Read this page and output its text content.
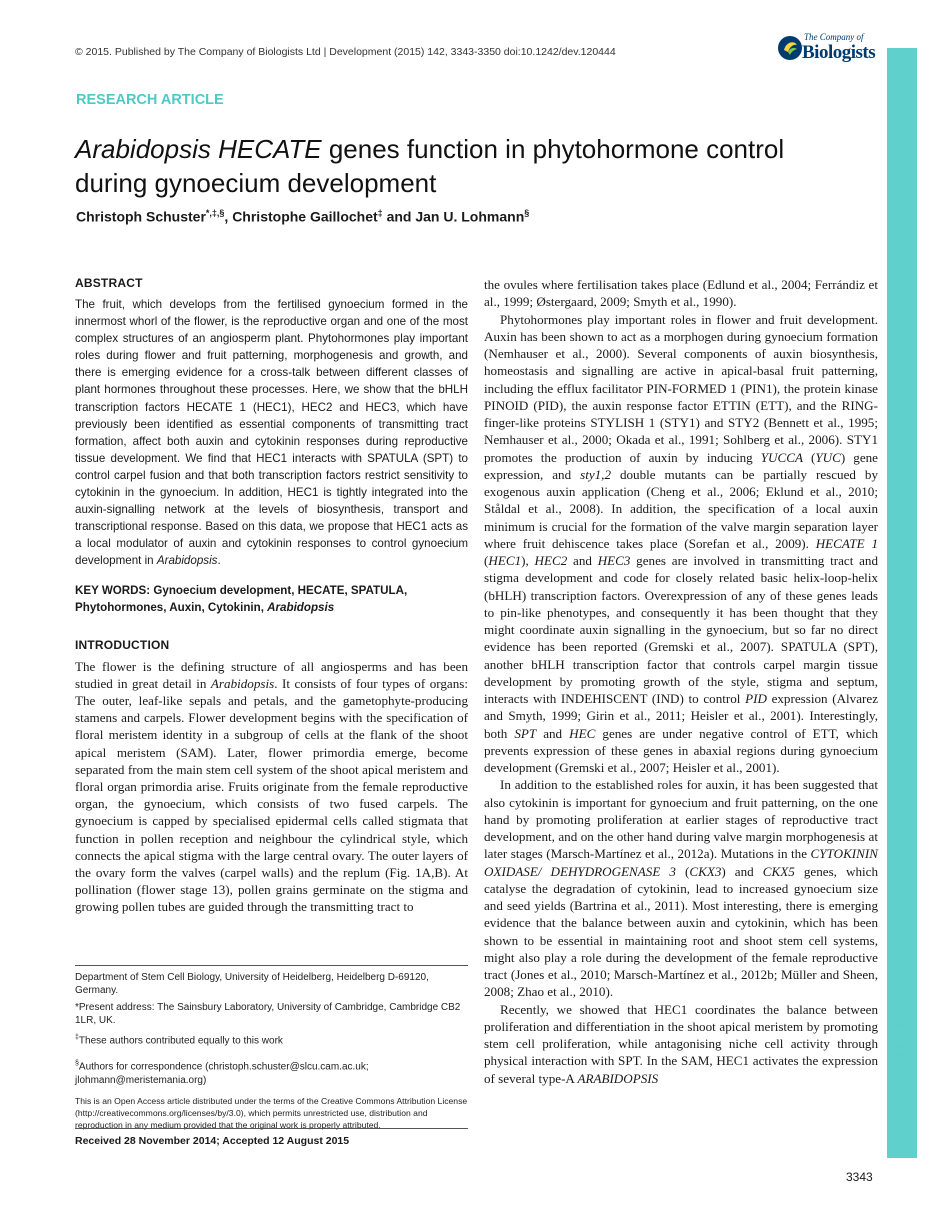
© 2015. Published by The Company of Biologists Ltd | Development (2015) 142, 3343-3350 doi:10.1242/dev.120444
The Company of
Biologists
DEVELOPMENT
RESEARCH ARTICLE
Arabidopsis HECATE genes function in phytohormone control
during gynoecium development
Christoph Schuster*,‡,§, Christophe Gaillochet‡ and Jan U. Lohmann§
ABSTRACT

The fruit, which develops from the fertilised gynoecium formed in the innermost whorl of the flower, is the reproductive organ and one of the most complex structures of an angiosperm plant. Phytohormones play important roles during flower and fruit patterning, morphogenesis and growth, and there is emerging evidence for a cross-talk between different classes of plant hormones throughout these processes. Here, we show that the bHLH transcription factors HECATE 1 (HEC1), HEC2 and HEC3, which have previously been identified as essential components of transmitting tract formation, affect both auxin and cytokinin responses during reproductive tissue development. We find that HEC1 interacts with SPATULA (SPT) to control carpel fusion and that both transcription factors restrict sensitivity to cytokinin in the gynoecium. In addition, HEC1 is tightly integrated into the auxin-signalling network at the levels of biosynthesis, transport and transcriptional response. Based on this data, we propose that HEC1 acts as a local modulator of auxin and cytokinin responses to control gynoecium development in Arabidopsis.

KEY WORDS: Gynoecium development, HECATE, SPATULA, Phytohormones, Auxin, Cytokinin, Arabidopsis

INTRODUCTION

The flower is the defining structure of all angiosperms and has been studied in great detail in Arabidopsis. It consists of four types of organs: The outer, leaf-like sepals and petals, and the gametophyte-producing stamens and carpels. Flower development begins with the specification of floral meristem identity in a subgroup of cells at the flank of the shoot apical meristem (SAM). Later, flower primordia emerge, become separated from the main stem cell system of the shoot apical meristem and floral organ primordia arise. Fruits originate from the female reproductive organ, the gynoecium, which consists of two fused carpels. The gynoecium is capped by specialised epidermal cells called stigmata that function in pollen reception and neighbour the cylindrical style, which connects the apical stigma with the large central ovary. The outer layers of the ovary form the valves (carpel walls) and the replum (Fig. 1A,B). At pollination (flower stage 13), pollen grains germinate on the stigma and growing pollen tubes are guided through the transmitting tract to

Department of Stem Cell Biology, University of Heidelberg, Heidelberg D-69120, Germany.

*Present address: The Sainsbury Laboratory, University of Cambridge, Cambridge CB2 1LR, UK.

‡These authors contributed equally to this work

§Authors for correspondence (christoph.schuster@slcu.cam.ac.uk; jlohmann@meristemania.org)

This is an Open Access article distributed under the terms of the Creative Commons Attribution License (http://creativecommons.org/licenses/by/3.0), which permits unrestricted use, distribution and reproduction in any medium provided that the original work is properly attributed.

Received 28 November 2014; Accepted 12 August 2015

the ovules where fertilisation takes place (Edlund et al., 2004; Ferrándiz et al., 1999; Østergaard, 2009; Smyth et al., 1990).

Phytohormones play important roles in flower and fruit development. Auxin has been shown to act as a morphogen during gynoecium formation (Nemhauser et al., 2000). Several components of auxin biosynthesis, homeostasis and signalling are active in apical-basal fruit patterning, including the efflux facilitator PIN-FORMED 1 (PIN1), the protein kinase PINOID (PID), the auxin response factor ETTIN (ETT), and the RING-finger-like proteins STYLISH 1 (STY1) and STY2 (Bennett et al., 1995; Nemhauser et al., 2000; Okada et al., 1991; Sohlberg et al., 2006). STY1 promotes the production of auxin by inducing YUCCA (YUC) gene expression, and sty1,2 double mutants can be partially rescued by exogenous auxin application (Cheng et al., 2006; Eklund et al., 2010; Ståldal et al., 2008). In addition, the specification of a local auxin minimum is crucial for the formation of the valve margin separation layer where fruit dehiscence takes place (Sorefan et al., 2009). HECATE 1 (HEC1), HEC2 and HEC3 genes are involved in transmitting tract and stigma development and code for closely related basic helix-loop-helix (bHLH) transcription factors. Overexpression of any of these genes leads to pin-like phenotypes, and consequently it has been thought that they might coordinate auxin signalling in the gynoecium, but so far no direct evidence has been reported (Gremski et al., 2007). SPATULA (SPT), another bHLH transcription factor that controls carpel margin tissue development by promoting growth of the style, stigma and septum, interacts with INDEHISCENT (IND) to control PID expression (Alvarez and Smyth, 1999; Girin et al., 2011; Heisler et al., 2001). Interestingly, both SPT and HEC genes are under negative control of ETT, which prevents expression of these genes in abaxial regions during gynoecium development (Gremski et al., 2007; Heisler et al., 2001).

In addition to the established roles for auxin, it has been suggested that also cytokinin is important for gynoecium and fruit patterning, on the one hand by promoting proliferation at earlier stages of reproductive tract development, and on the other hand during valve margin morphogenesis at later stages (Marsch-Martínez et al., 2012a). Mutations in the CYTOKININ OXIDASE/ DEHYDROGENASE 3 (CKX3) and CKX5 genes, which catalyse the degradation of cytokinin, lead to increased gynoecium size and seed yields (Bartrina et al., 2011). Most interesting, there is emerging evidence that the balance between auxin and cytokinin, which has been shown to be essential in maintaining root and shoot stem cell systems, might also play a role during the development of the female reproductive tract (Jones et al., 2010; Marsch-Martínez et al., 2012b; Müller and Sheen, 2008; Zhao et al., 2010).

Recently, we showed that HEC1 coordinates the balance between proliferation and differentiation in the shoot apical meristem by promoting stem cell proliferation, while antagonising niche cell activity through physical interaction with SPT. In the SAM, HEC1 activates the expression of several type-A ARABIDOPSIS

3343
